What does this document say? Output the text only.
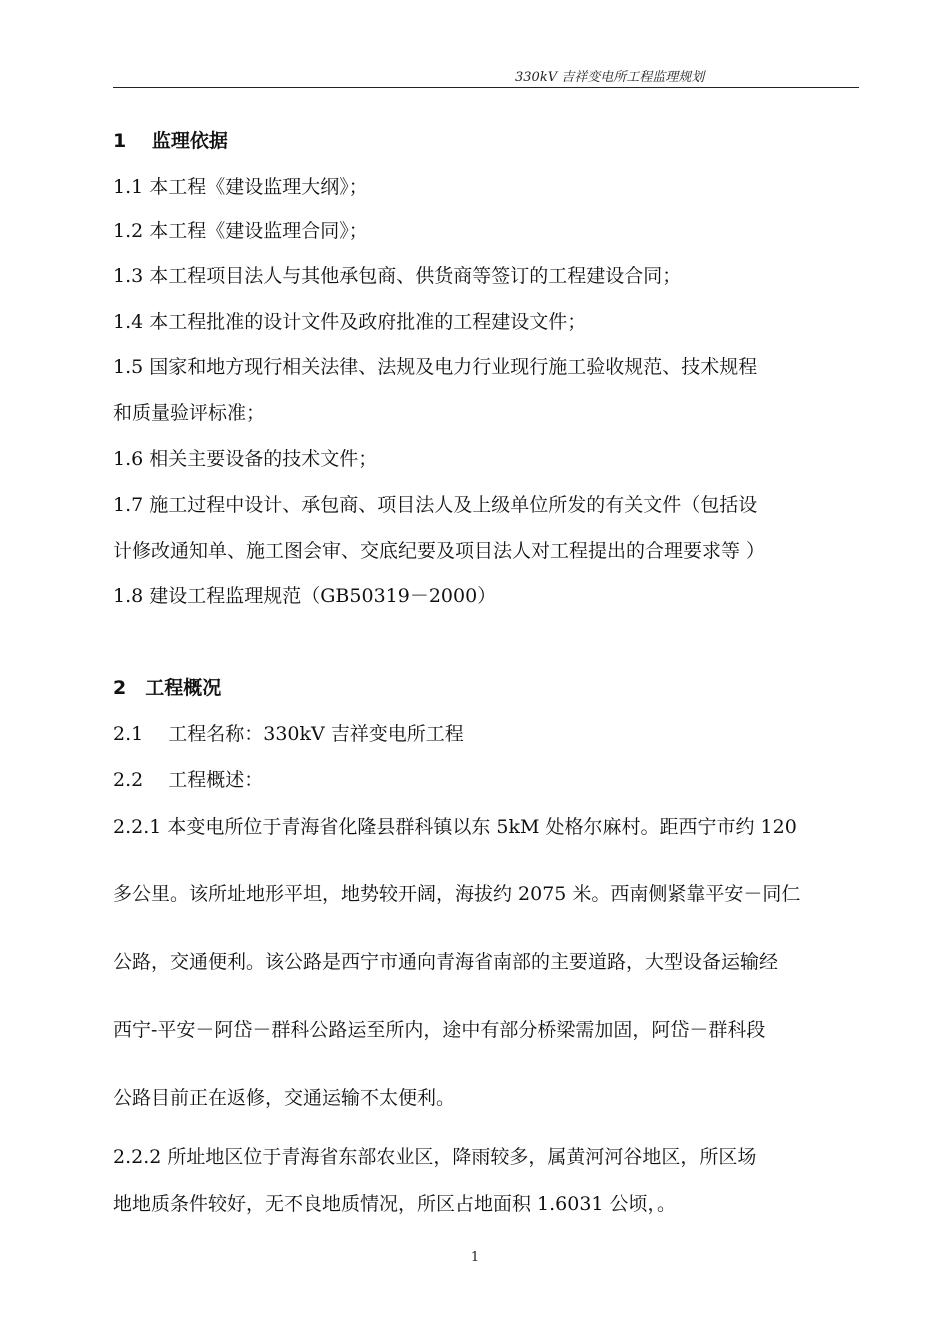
330kV 吉祥变电所工程监理规划
1　 监理依据
1.1 本工程《建设监理大纲》；
1.2 本工程《建设监理合同》；
1.3 本工程项目法人与其他承包商、供货商等签订的工程建设合同；
1.4 本工程批准的设计文件及政府批准的工程建设文件；
1.5 国家和地方现行相关法律、法规及电力行业现行施工验收规范、技术规程
和质量验评标准；
1.6 相关主要设备的技术文件；
1.7 施工过程中设计、承包商、项目法人及上级单位所发的有关文件（包括设
计修改通知单、施工图会审、交底纪要及项目法人对工程提出的合理要求等 ）
1.8 建设工程监理规范（GB50319－2000）
2　工程概况
2.1　 工程名称：330kV 吉祥变电所工程
2.2　 工程概述：
2.2.1 本变电所位于青海省化隆县群科镇以东 5kM 处格尔麻村。距西宁市约 120
多公里。该所址地形平坦，地势较开阔，海拔约 2075 米。西南侧紧靠平安－同仁
公路，交通便利。该公路是西宁市通向青海省南部的主要道路，大型设备运输经
西宁-平安－阿岱－群科公路运至所内，途中有部分桥梁需加固，阿岱－群科段
公路目前正在返修，交通运输不太便利。
2.2.2 所址地区位于青海省东部农业区，降雨较多，属黄河河谷地区，所区场
地地质条件较好，无不良地质情况，所区占地面积 1.6031 公顷，。
1
